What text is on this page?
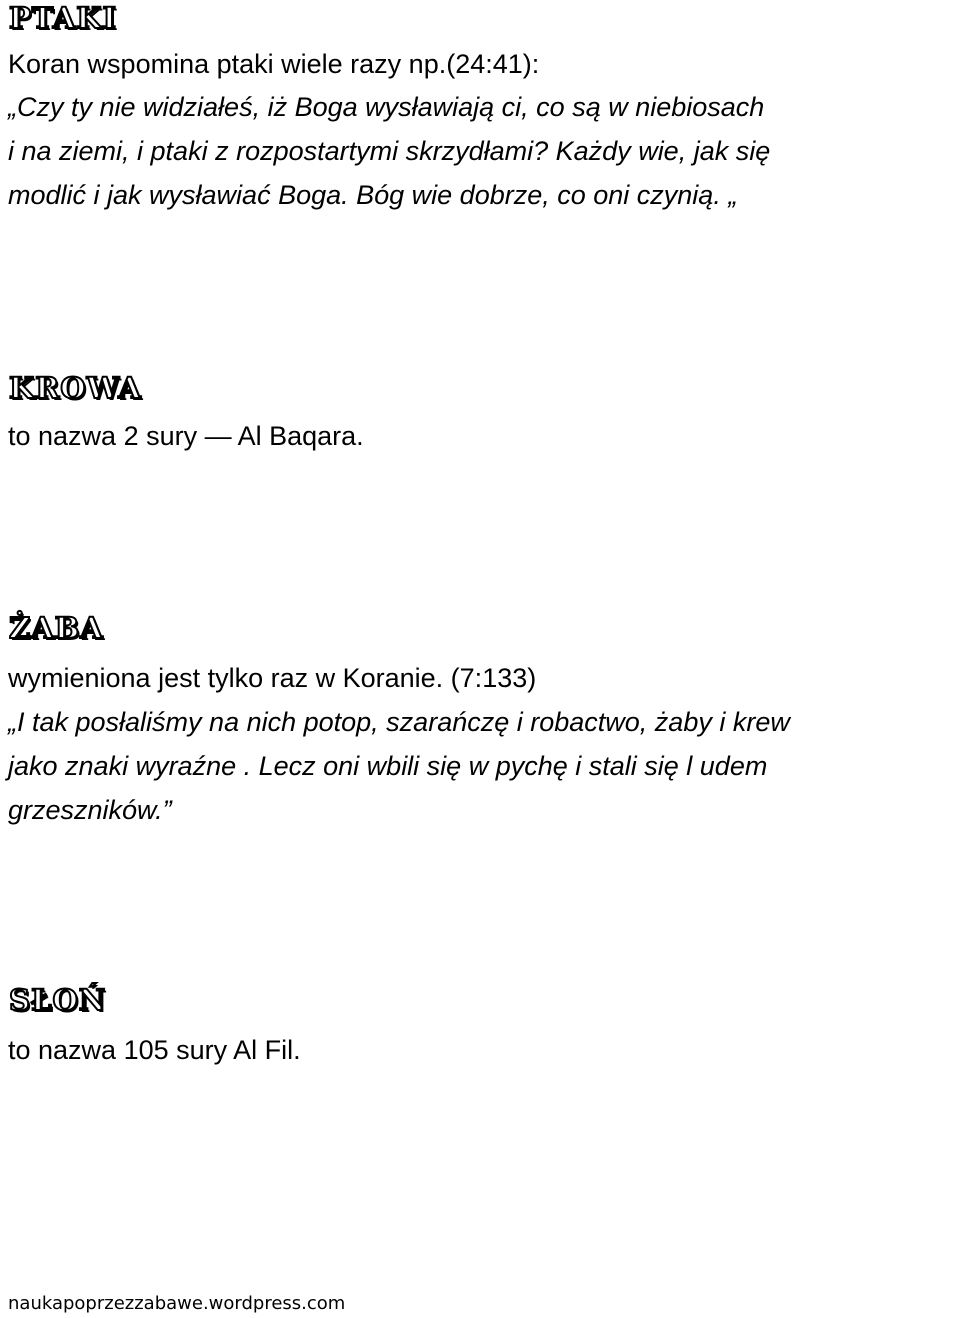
PTAKI
Koran wspomina ptaki wiele razy np.(24:41):
„Czy ty nie widziałeś, iż Boga wysławiają ci, co są w niebiosach
i na ziemi, i ptaki z rozpostartymi skrzydłami? Każdy wie, jak się
modlić i jak wysławiać Boga. Bóg wie dobrze, co oni czynią. „
KROWA
to nazwa 2 sury — Al Baqara.
ŻABA
wymieniona jest tylko raz w Koranie. (7:133)
„I tak posłaliśmy na nich potop, szarańczę i robactwo, żaby i krew
jako znaki wyraźne . Lecz oni wbili się w pychę i stali się l udem
grzeszników.”
SŁOŃ
to nazwa 105 sury Al Fil.
naukapoprzezzabawe.wordpress.com
